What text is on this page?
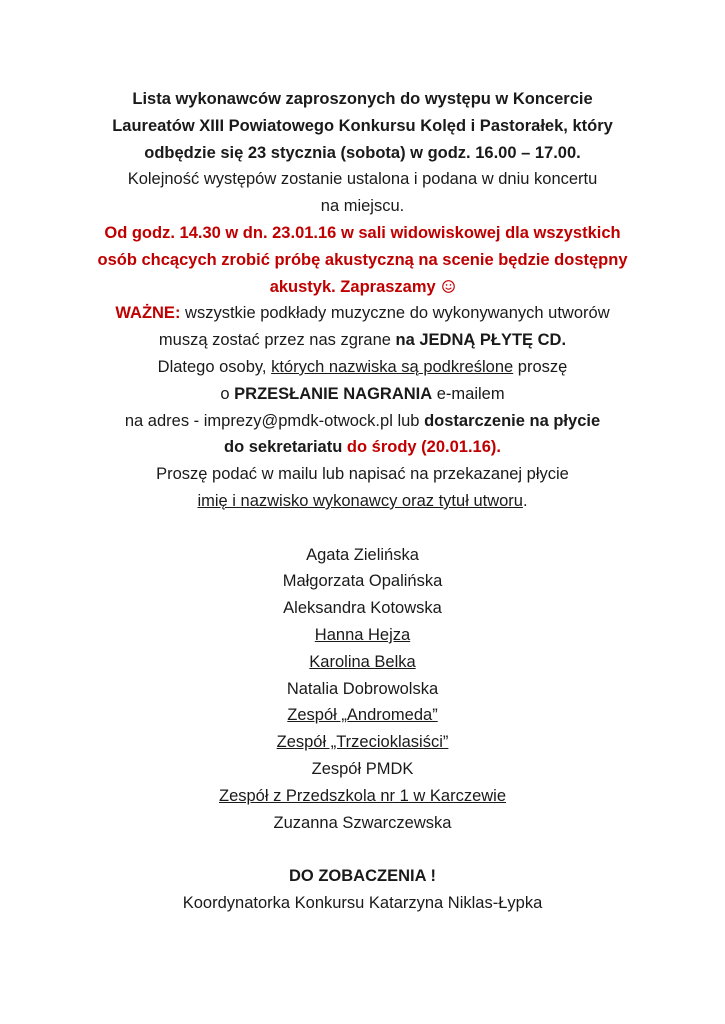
Lista wykonawców zaproszonych do występu w Koncercie
Laureatów XIII Powiatowego Konkursu Kolęd i Pastorałek, który
odbędzie się 23 stycznia (sobota) w godz. 16.00 – 17.00.
Kolejność występów zostanie ustalona i podana w dniu koncertu
na miejscu.
Od godz. 14.30 w dn. 23.01.16 w sali widowiskowej dla wszystkich
osób chcących zrobić próbę akustyczną na scenie będzie dostępny
akustyk. Zapraszamy
WAŻNE: wszystkie podkłady muzyczne do wykonywanych utworów
muszą zostać przez nas zgrane na JEDNĄ PŁYTĘ CD.
Dlatego osoby, których nazwiska są podkreślone proszę
o PRZESŁANIE NAGRANIA e-mailem
na adres - imprezy@pmdk-otwock.pl lub dostarczenie na płycie
do sekretariatu do środy (20.01.16).
Proszę podać w mailu lub napisać na przekazanej płycie
imię i nazwisko wykonawcy oraz tytuł utworu.
Agata Zielińska
Małgorzata Opalińska
Aleksandra Kotowska
Hanna Hejza
Karolina Belka
Natalia Dobrowolska
Zespół „Andromeda”
Zespół „Trzecioklasiści”
Zespół PMDK
Zespół z Przedszkola nr 1 w Karczewie
Zuzanna Szwarczewska
DO ZOBACZENIA !
Koordynatorka Konkursu Katarzyna Niklas-Łypka
